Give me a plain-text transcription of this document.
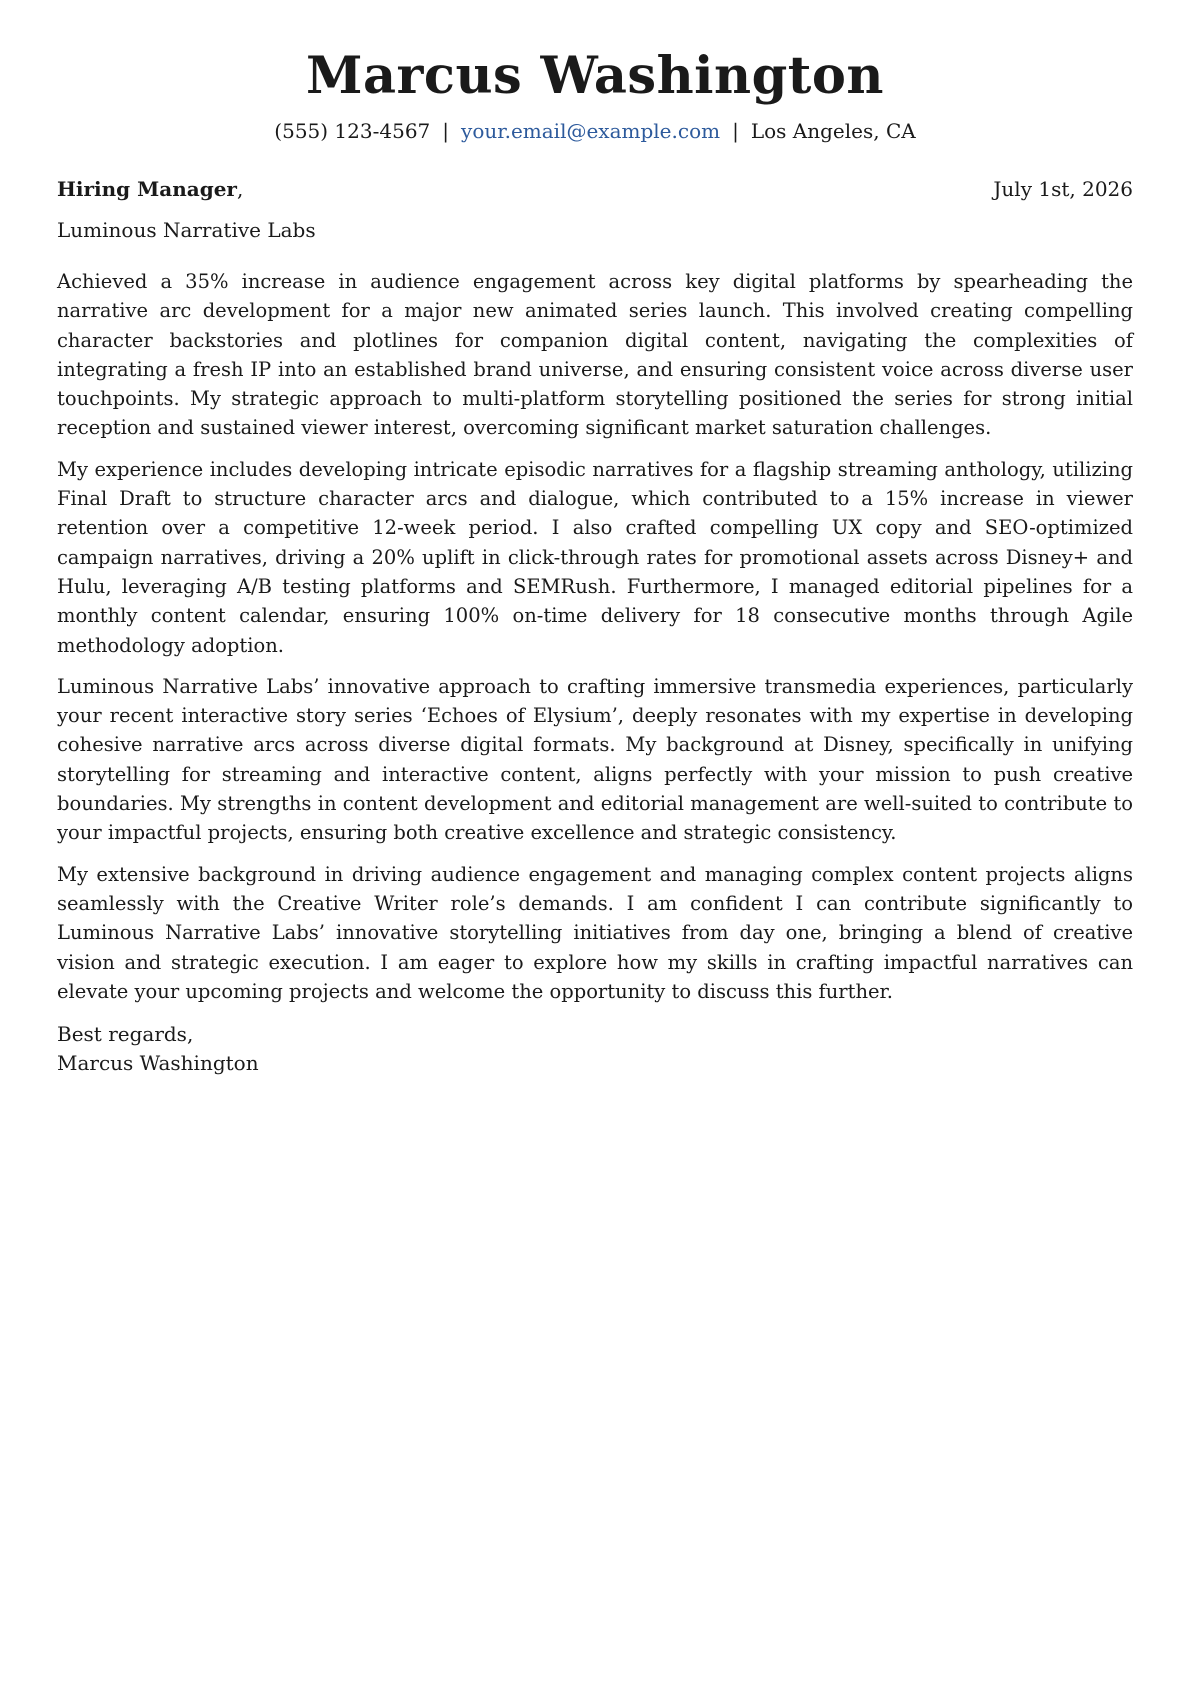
Marcus Washington
(555) 123-4567 | your.email@example.com | Los Angeles, CA
Hiring Manager,	July 1st, 2026
Luminous Narrative Labs

Achieved a 35% increase in audience engagement across key digital platforms by spearheading the narrative arc development for a major new animated series launch. This involved creating compelling character backstories and plotlines for companion digital content, navigating the complexities of integrating a fresh IP into an established brand universe, and ensuring consistent voice across diverse user touchpoints. My strategic approach to multi-platform storytelling positioned the series for strong initial reception and sustained viewer interest, overcoming significant market saturation challenges.

My experience includes developing intricate episodic narratives for a flagship streaming anthology, utilizing Final Draft to structure character arcs and dialogue, which contributed to a 15% increase in viewer retention over a competitive 12-week period. I also crafted compelling UX copy and SEO-optimized campaign narratives, driving a 20% uplift in click-through rates for promotional assets across Disney+ and Hulu, leveraging A/B testing platforms and SEMRush. Furthermore, I managed editorial pipelines for a monthly content calendar, ensuring 100% on-time delivery for 18 consecutive months through Agile methodology adoption.

Luminous Narrative Labs’ innovative approach to crafting immersive transmedia experiences, particularly your recent interactive story series ‘Echoes of Elysium’, deeply resonates with my expertise in developing cohesive narrative arcs across diverse digital formats. My background at Disney, specifically in unifying storytelling for streaming and interactive content, aligns perfectly with your mission to push creative boundaries. My strengths in content development and editorial management are well-suited to contribute to your impactful projects, ensuring both creative excellence and strategic consistency.

My extensive background in driving audience engagement and managing complex content projects aligns seamlessly with the Creative Writer role’s demands. I am confident I can contribute significantly to Luminous Narrative Labs’ innovative storytelling initiatives from day one, bringing a blend of creative vision and strategic execution. I am eager to explore how my skills in crafting impactful narratives can elevate your upcoming projects and welcome the opportunity to discuss this further.

Best regards,
Marcus Washington
